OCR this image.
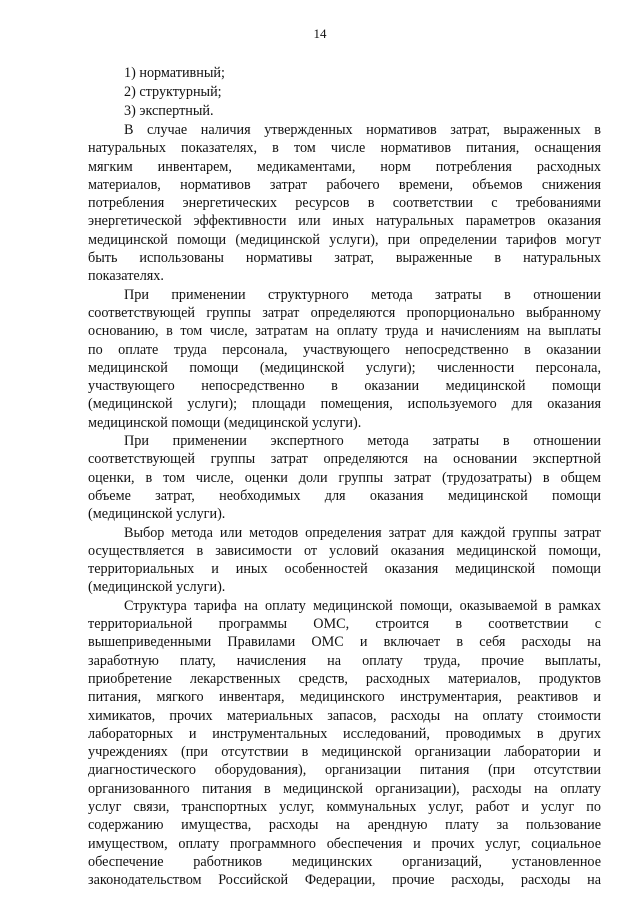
14
1) нормативный;
2) структурный;
3) экспертный.
В случае наличия утвержденных нормативов затрат, выраженных в
натуральных показателях, в том числе нормативов питания, оснащения
мягким инвентарем, медикаментами, норм потребления расходных
материалов, нормативов затрат рабочего времени, объемов снижения
потребления энергетических ресурсов в соответствии с требованиями
энергетической эффективности или иных натуральных параметров оказания
медицинской помощи (медицинской услуги), при определении тарифов могут
быть использованы нормативы затрат, выраженные в натуральных
показателях.
При применении структурного метода затраты в отношении
соответствующей группы затрат определяются пропорционально выбранному
основанию, в том числе, затратам на оплату труда и начислениям на выплаты
по оплате труда персонала, участвующего непосредственно в оказании
медицинской помощи (медицинской услуги); численности персонала,
участвующего непосредственно в оказании медицинской помощи
(медицинской услуги); площади помещения, используемого для оказания
медицинской помощи (медицинской услуги).
При применении экспертного метода затраты в отношении
соответствующей группы затрат определяются на основании экспертной
оценки, в том числе, оценки доли группы затрат (трудозатраты) в общем
объеме затрат, необходимых для оказания медицинской помощи
(медицинской услуги).
Выбор метода или методов определения затрат для каждой группы затрат
осуществляется в зависимости от условий оказания медицинской помощи,
территориальных и иных особенностей оказания медицинской помощи
(медицинской услуги).
Структура тарифа на оплату медицинской помощи, оказываемой в рамках
территориальной программы ОМС, строится в соответствии с
вышеприведенными Правилами ОМС и включает в себя расходы на
заработную плату, начисления на оплату труда, прочие выплаты,
приобретение лекарственных средств, расходных материалов, продуктов
питания, мягкого инвентаря, медицинского инструментария, реактивов и
химикатов, прочих материальных запасов, расходы на оплату стоимости
лабораторных и инструментальных исследований, проводимых в других
учреждениях (при отсутствии в медицинской организации лаборатории и
диагностического оборудования), организации питания (при отсутствии
организованного питания в медицинской организации), расходы на оплату
услуг связи, транспортных услуг, коммунальных услуг, работ и услуг по
содержанию имущества, расходы на арендную плату за пользование
имуществом, оплату программного обеспечения и прочих услуг, социальное
обеспечение работников медицинских организаций, установленное
законодательством Российской Федерации, прочие расходы, расходы на
